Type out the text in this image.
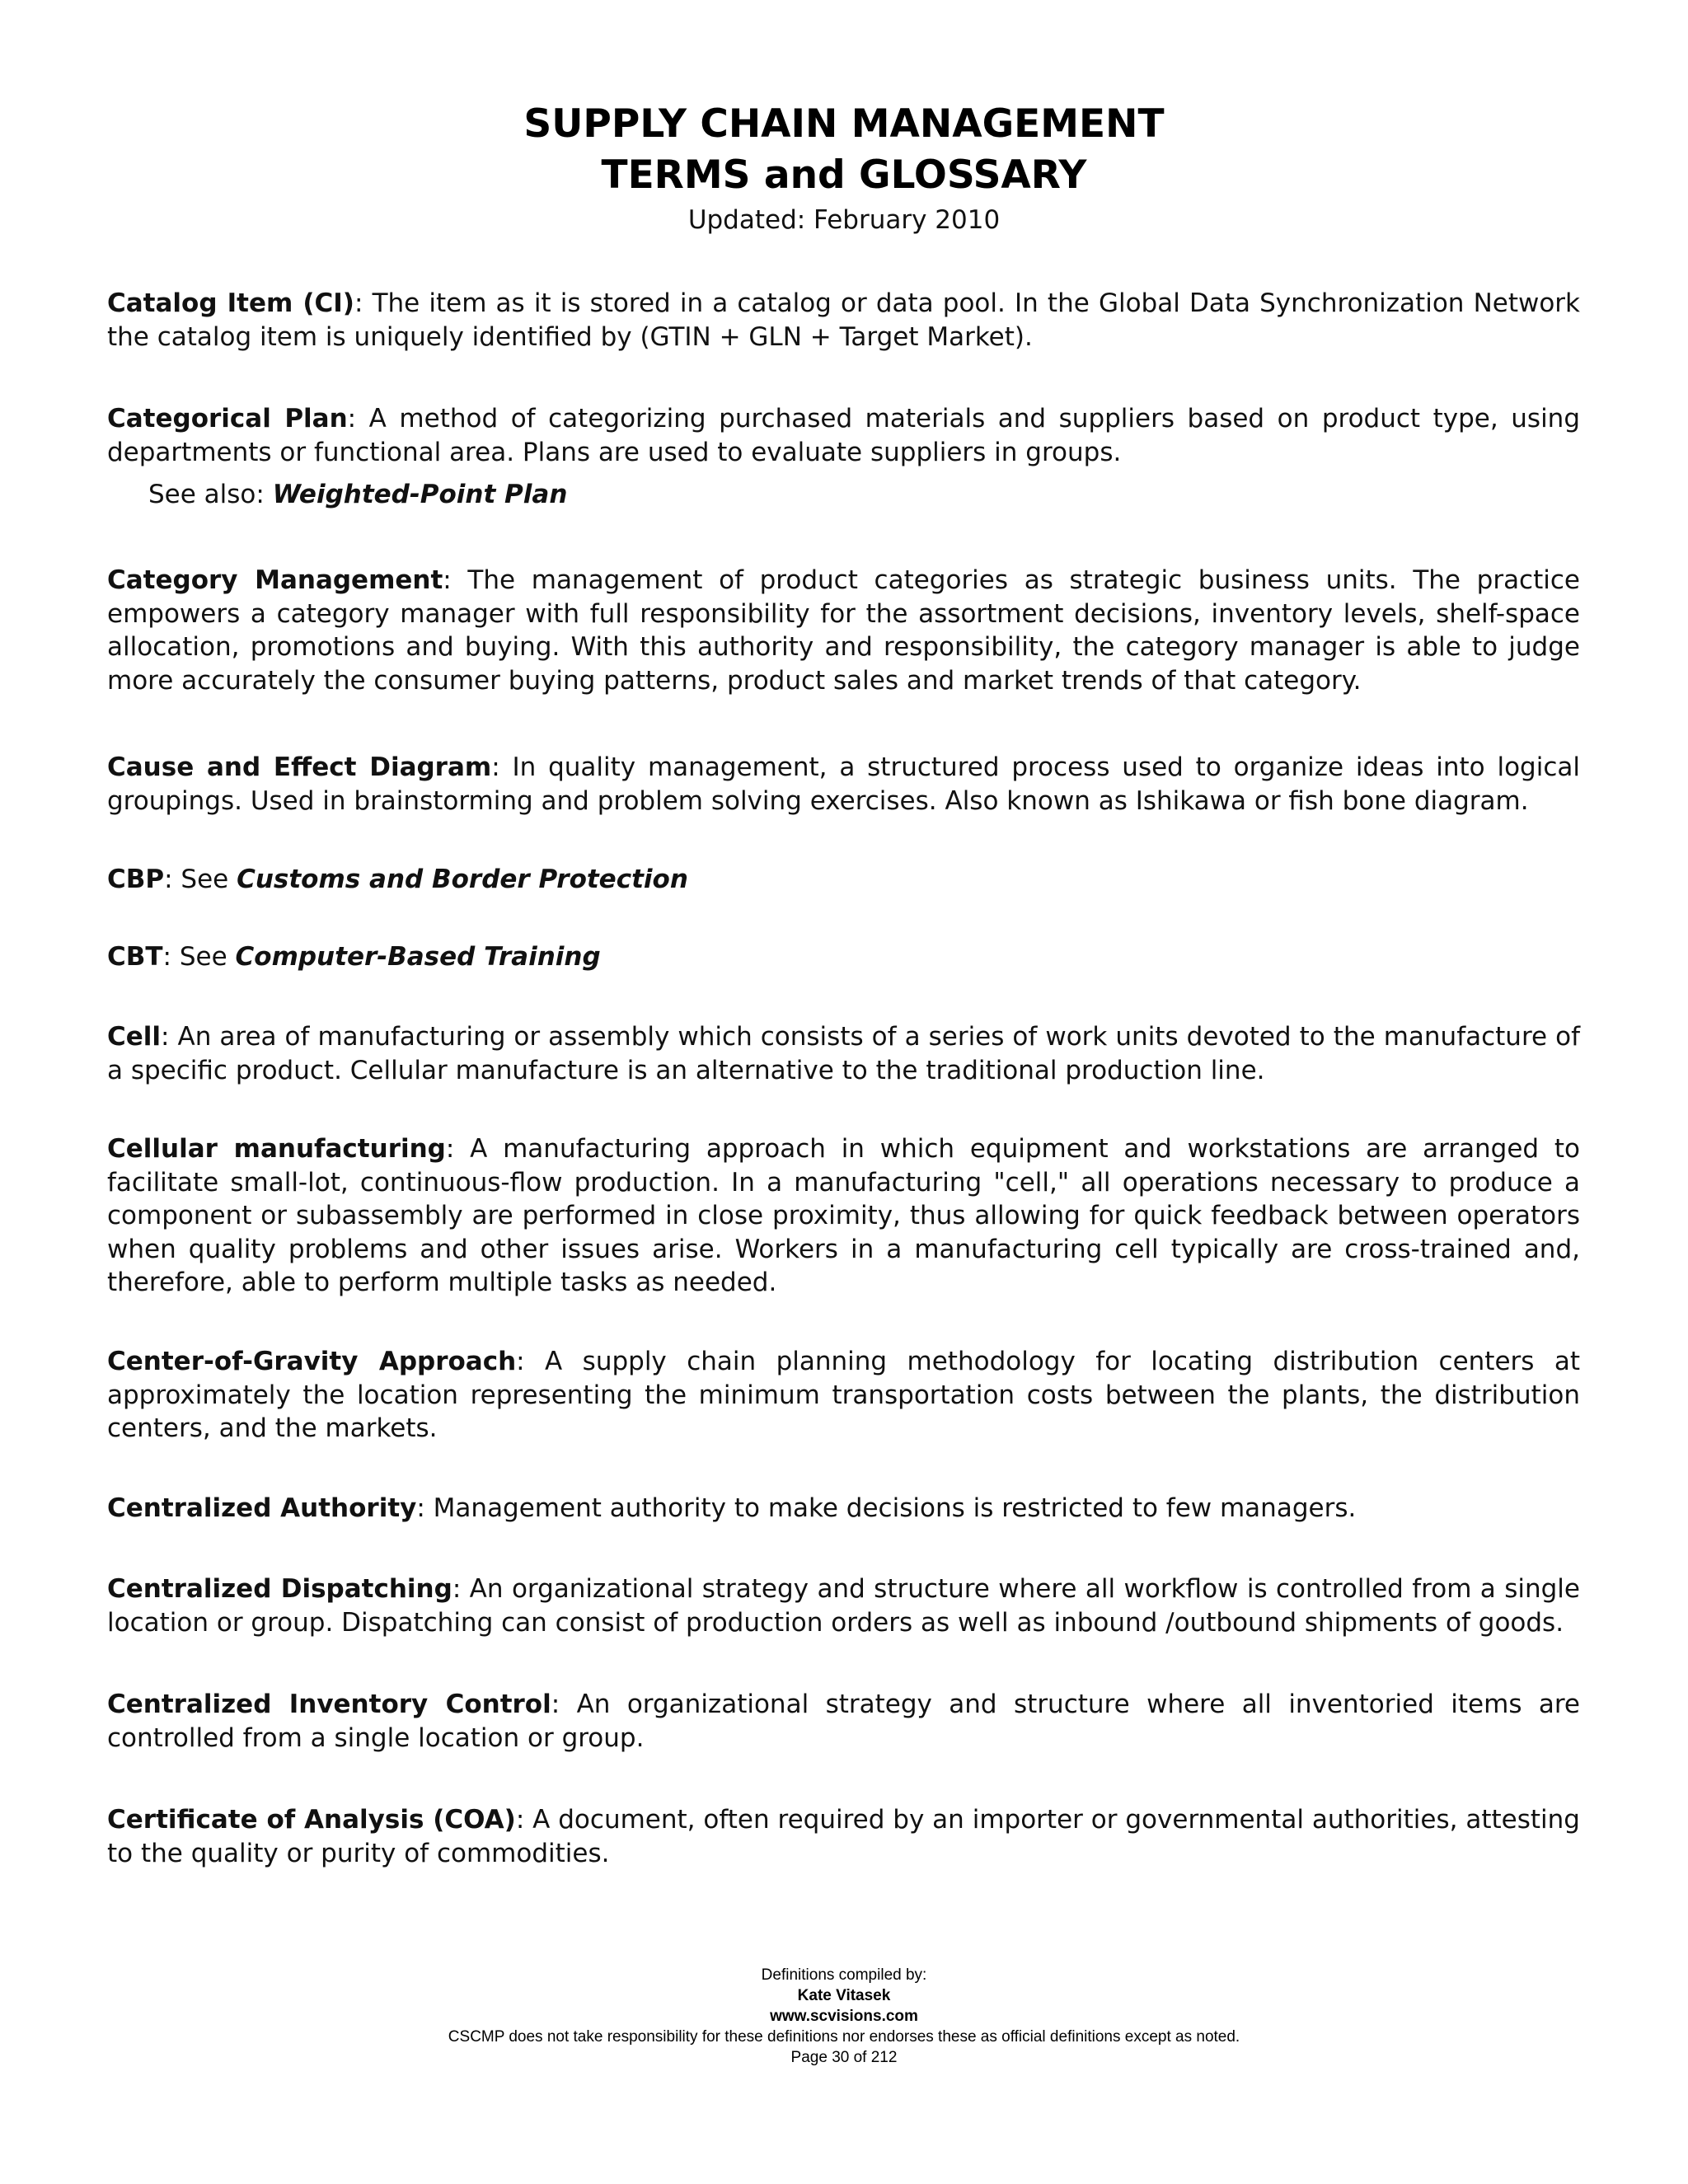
SUPPLY CHAIN MANAGEMENT
TERMS and GLOSSARY
Updated: February 2010

Catalog Item (CI): The item as it is stored in a catalog or data pool. In the Global Data Synchronization Network the catalog item is uniquely identified by (GTIN + GLN + Target Market).

Categorical Plan: A method of categorizing purchased materials and suppliers based on product type, using departments or functional area. Plans are used to evaluate suppliers in groups.

See also: Weighted-Point Plan

Category Management: The management of product categories as strategic business units. The practice empowers a category manager with full responsibility for the assortment decisions, inventory levels, shelf-space allocation, promotions and buying. With this authority and responsibility, the category manager is able to judge more accurately the consumer buying patterns, product sales and market trends of that category.

Cause and Effect Diagram: In quality management, a structured process used to organize ideas into logical groupings. Used in brainstorming and problem solving exercises. Also known as Ishikawa or fish bone diagram.

CBP: See Customs and Border Protection

CBT: See Computer-Based Training

Cell: An area of manufacturing or assembly which consists of a series of work units devoted to the manufacture of a specific product. Cellular manufacture is an alternative to the traditional production line.

Cellular manufacturing: A manufacturing approach in which equipment and workstations are arranged to facilitate small-lot, continuous-flow production. In a manufacturing "cell," all operations necessary to produce a component or subassembly are performed in close proximity, thus allowing for quick feedback between operators when quality problems and other issues arise. Workers in a manufacturing cell typically are cross-trained and, therefore, able to perform multiple tasks as needed.

Center-of-Gravity Approach: A supply chain planning methodology for locating distribution centers at approximately the location representing the minimum transportation costs between the plants, the distribution centers, and the markets.

Centralized Authority: Management authority to make decisions is restricted to few managers.

Centralized Dispatching: An organizational strategy and structure where all workflow is controlled from a single location or group. Dispatching can consist of production orders as well as inbound /outbound shipments of goods.

Centralized Inventory Control: An organizational strategy and structure where all inventoried items are controlled from a single location or group.

Certificate of Analysis (COA): A document, often required by an importer or governmental authorities, attesting to the quality or purity of commodities.

Definitions compiled by:
Kate Vitasek
www.scvisions.com
CSCMP does not take responsibility for these definitions nor endorses these as official definitions except as noted.
Page 30 of 212
